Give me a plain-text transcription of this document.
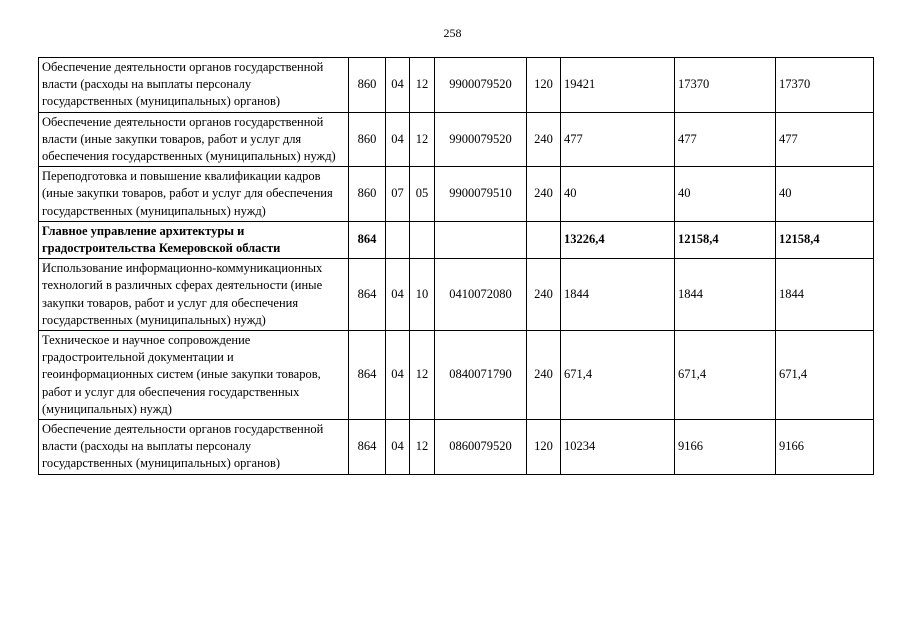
258
Обеспечение деятельности органов государственной власти (расходы на выплаты персоналу государственных (муниципальных) органов)	860	04	12	9900079520	120	19421	17370	17370
Обеспечение деятельности органов государственной власти (иные закупки товаров, работ и услуг для обеспечения государственных (муниципальных) нужд)	860	04	12	9900079520	240	477	477	477
Переподготовка и повышение квалификации кадров (иные закупки товаров, работ и услуг для обеспечения государственных (муниципальных) нужд)	860	07	05	9900079510	240	40	40	40
Главное управление архитектуры и градостроительства Кемеровской области	864					13226,4	12158,4	12158,4
Использование информационно-коммуникационных технологий в различных сферах деятельности (иные закупки товаров, работ и услуг для обеспечения государственных (муниципальных) нужд)	864	04	10	0410072080	240	1844	1844	1844
Техническое и научное сопровождение градостроительной документации и геоинформационных систем (иные закупки товаров, работ и услуг для обеспечения государственных (муниципальных) нужд)	864	04	12	0840071790	240	671,4	671,4	671,4
Обеспечение деятельности органов государственной власти (расходы на выплаты персоналу государственных (муниципальных) органов)	864	04	12	0860079520	120	10234	9166	9166
